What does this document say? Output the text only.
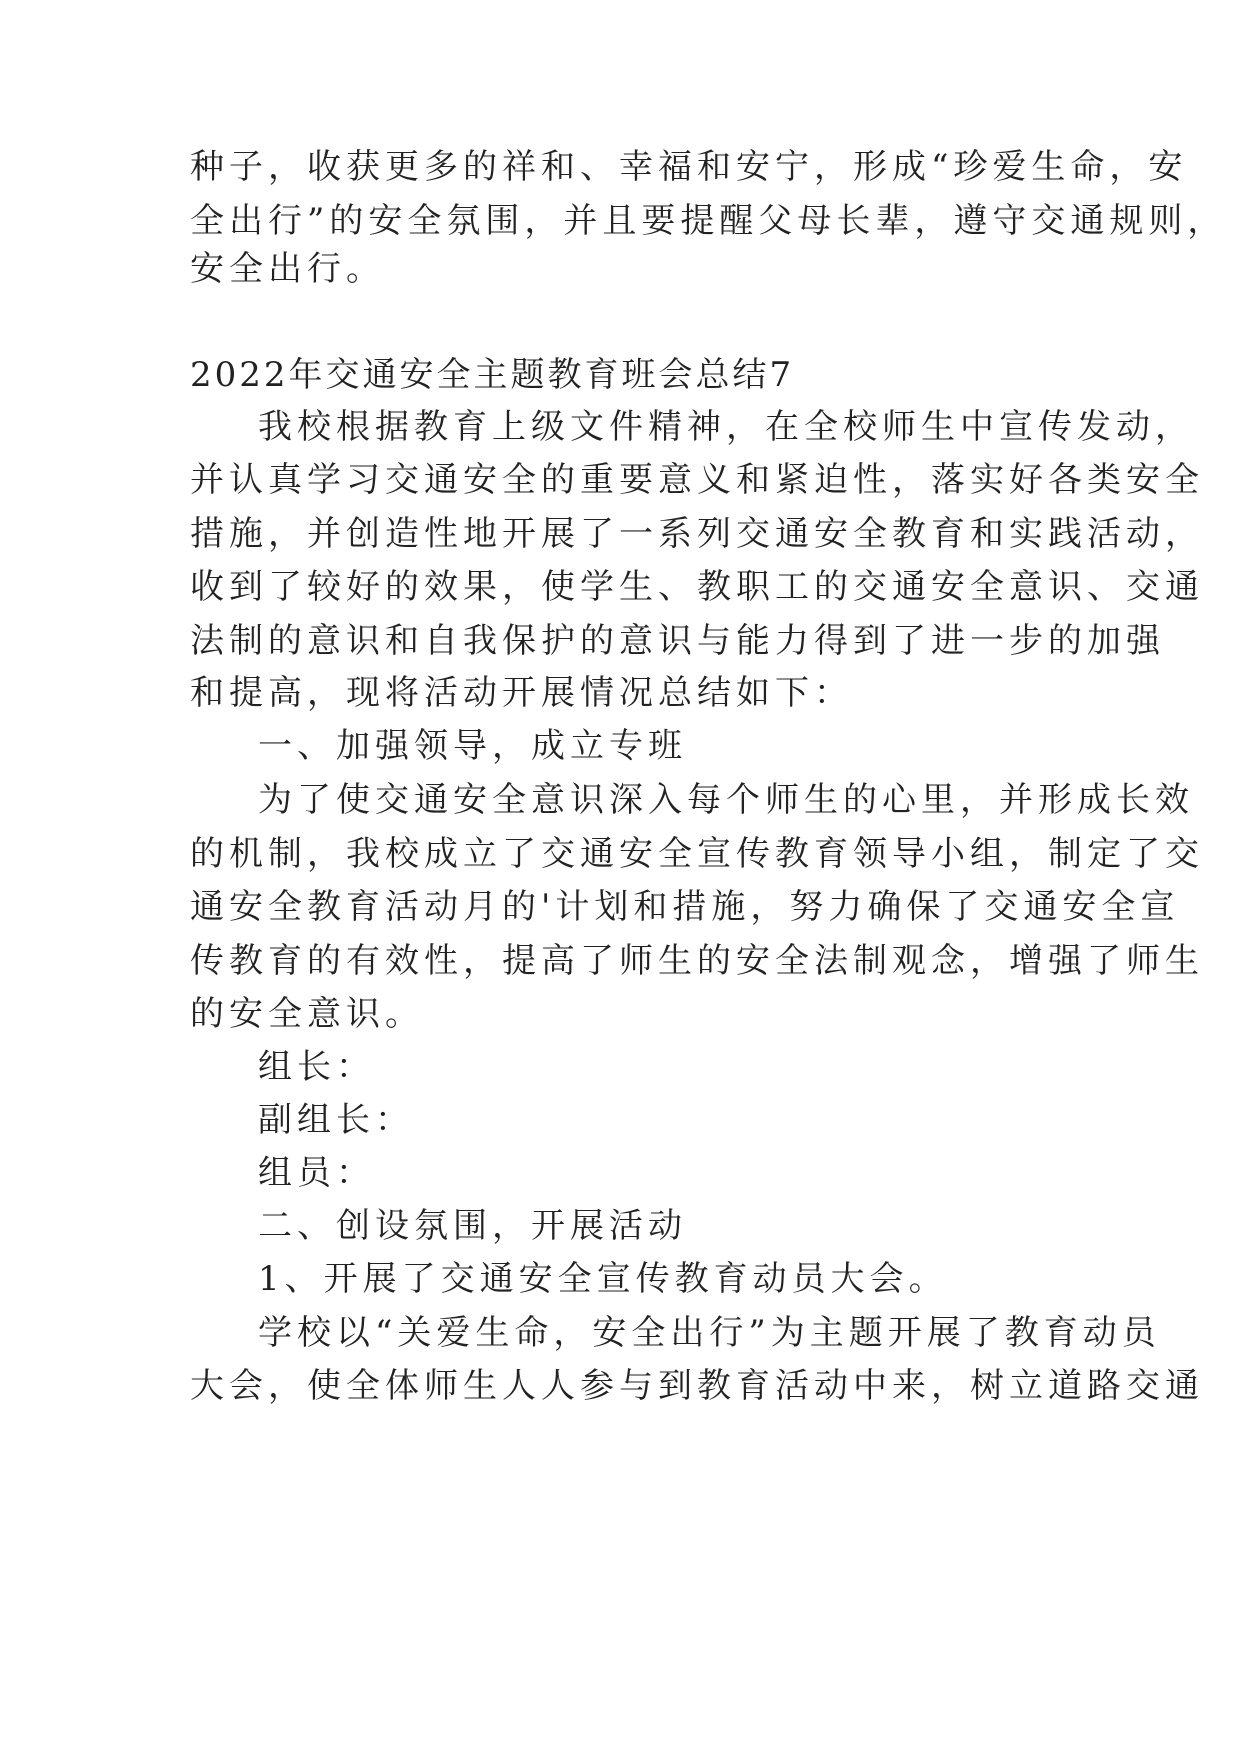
种子，收获更多的祥和、幸福和安宁，形成“珍爱生命，安
全出行”的安全氛围，并且要提醒父母长辈，遵守交通规则，
安全出行。
2022年交通安全主题教育班会总结7
我校根据教育上级文件精神，在全校师生中宣传发动，
并认真学习交通安全的重要意义和紧迫性，落实好各类安全
措施，并创造性地开展了一系列交通安全教育和实践活动，
收到了较好的效果，使学生、教职工的交通安全意识、交通
法制的意识和自我保护的意识与能力得到了进一步的加强
和提高，现将活动开展情况总结如下：
一、加强领导，成立专班
为了使交通安全意识深入每个师生的心里，并形成长效
的机制，我校成立了交通安全宣传教育领导小组，制定了交
通安全教育活动月的'计划和措施，努力确保了交通安全宣
传教育的有效性，提高了师生的安全法制观念，增强了师生
的安全意识。
组长：
副组长：
组员：
二、创设氛围，开展活动
1、开展了交通安全宣传教育动员大会。
学校以“关爱生命，安全出行”为主题开展了教育动员
大会，使全体师生人人参与到教育活动中来，树立道路交通
